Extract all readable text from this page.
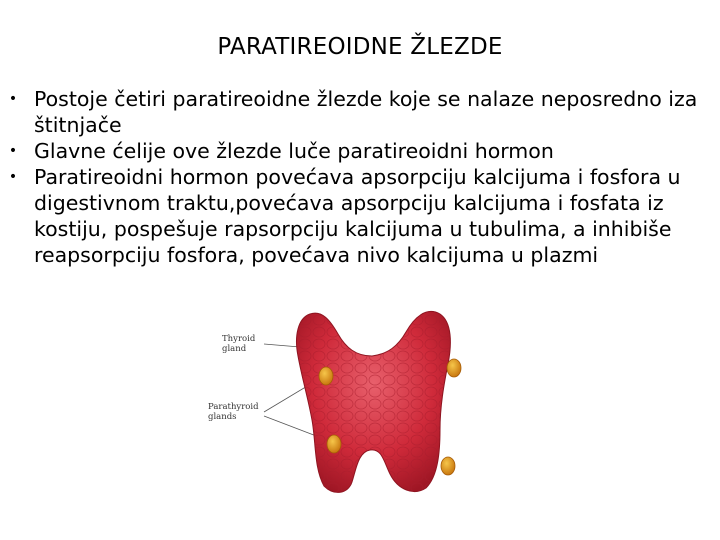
PARATIREOIDNE ŽLEZDE
• Postoje četiri paratireoidne žlezde koje se nalaze neposredno iza štitnjače
• Glavne ćelije ove žlezde luče paratireoidni hormon
• Paratireoidni hormon povećava apsorpciju kalcijuma i fosfora u digestivnom traktu,povećava apsorpciju kalcijuma i fosfata iz kostiju, pospešuje rapsorpciju kalcijuma u tubulima, a inhibiše reapsorpciju fosfora, povećava nivo kalcijuma u plazmi
Thyroid
gland
Parathyroid
glands
